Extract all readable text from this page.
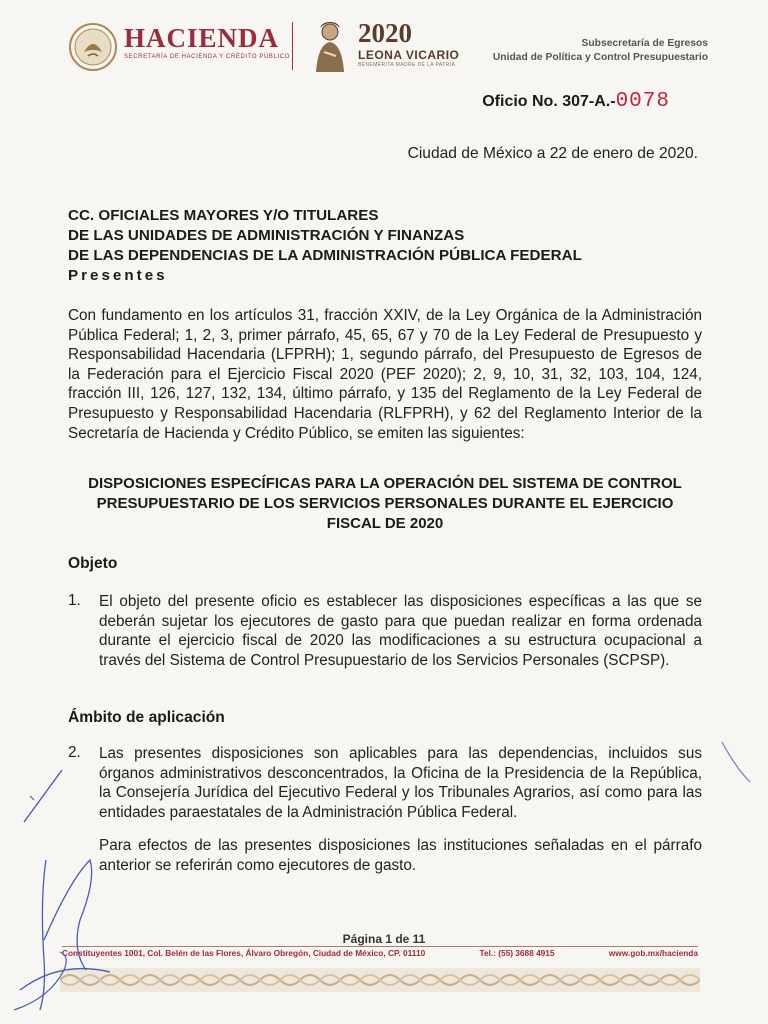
HACIENDA
SECRETARÍA DE HACIENDA Y CRÉDITO PÚBLICO
2020
LEONA VICARIO
BENEMÉRITA MADRE DE LA PATRIA
Subsecretaría de Egresos
Unidad de Política y Control Presupuestario
Oficio No. 307-A.-0078
Ciudad de México a 22 de enero de 2020.
CC. OFICIALES MAYORES Y/O TITULARES
DE LAS UNIDADES DE ADMINISTRACIÓN Y FINANZAS
DE LAS DEPENDENCIAS DE LA ADMINISTRACIÓN PÚBLICA FEDERAL
Presentes
Con fundamento en los artículos 31, fracción XXIV, de la Ley Orgánica de la Administración Pública Federal; 1, 2, 3, primer párrafo, 45, 65, 67 y 70 de la Ley Federal de Presupuesto y Responsabilidad Hacendaria (LFPRH); 1, segundo párrafo, del Presupuesto de Egresos de la Federación para el Ejercicio Fiscal 2020 (PEF 2020); 2, 9, 10, 31, 32, 103, 104, 124, fracción III, 126, 127, 132, 134, último párrafo, y 135 del Reglamento de la Ley Federal de Presupuesto y Responsabilidad Hacendaria (RLFPRH), y 62 del Reglamento Interior de la Secretaría de Hacienda y Crédito Público, se emiten las siguientes:
DISPOSICIONES ESPECÍFICAS PARA LA OPERACIÓN DEL SISTEMA DE CONTROL PRESUPUESTARIO DE LOS SERVICIOS PERSONALES DURANTE EL EJERCICIO FISCAL DE 2020
Objeto
1. El objeto del presente oficio es establecer las disposiciones específicas a las que se deberán sujetar los ejecutores de gasto para que puedan realizar en forma ordenada durante el ejercicio fiscal de 2020 las modificaciones a su estructura ocupacional a través del Sistema de Control Presupuestario de los Servicios Personales (SCPSP).
Ámbito de aplicación
2. Las presentes disposiciones son aplicables para las dependencias, incluidos sus órganos administrativos desconcentrados, la Oficina de la Presidencia de la República, la Consejería Jurídica del Ejecutivo Federal y los Tribunales Agrarios, así como para las entidades paraestatales de la Administración Pública Federal.
Para efectos de las presentes disposiciones las instituciones señaladas en el párrafo anterior se referirán como ejecutores de gasto.
Página 1 de 11
Constituyentes 1001, Col. Belén de las Flores, Álvaro Obregón, Ciudad de México, CP. 01110	Tel.: (55) 3688 4915	www.gob.mx/hacienda
